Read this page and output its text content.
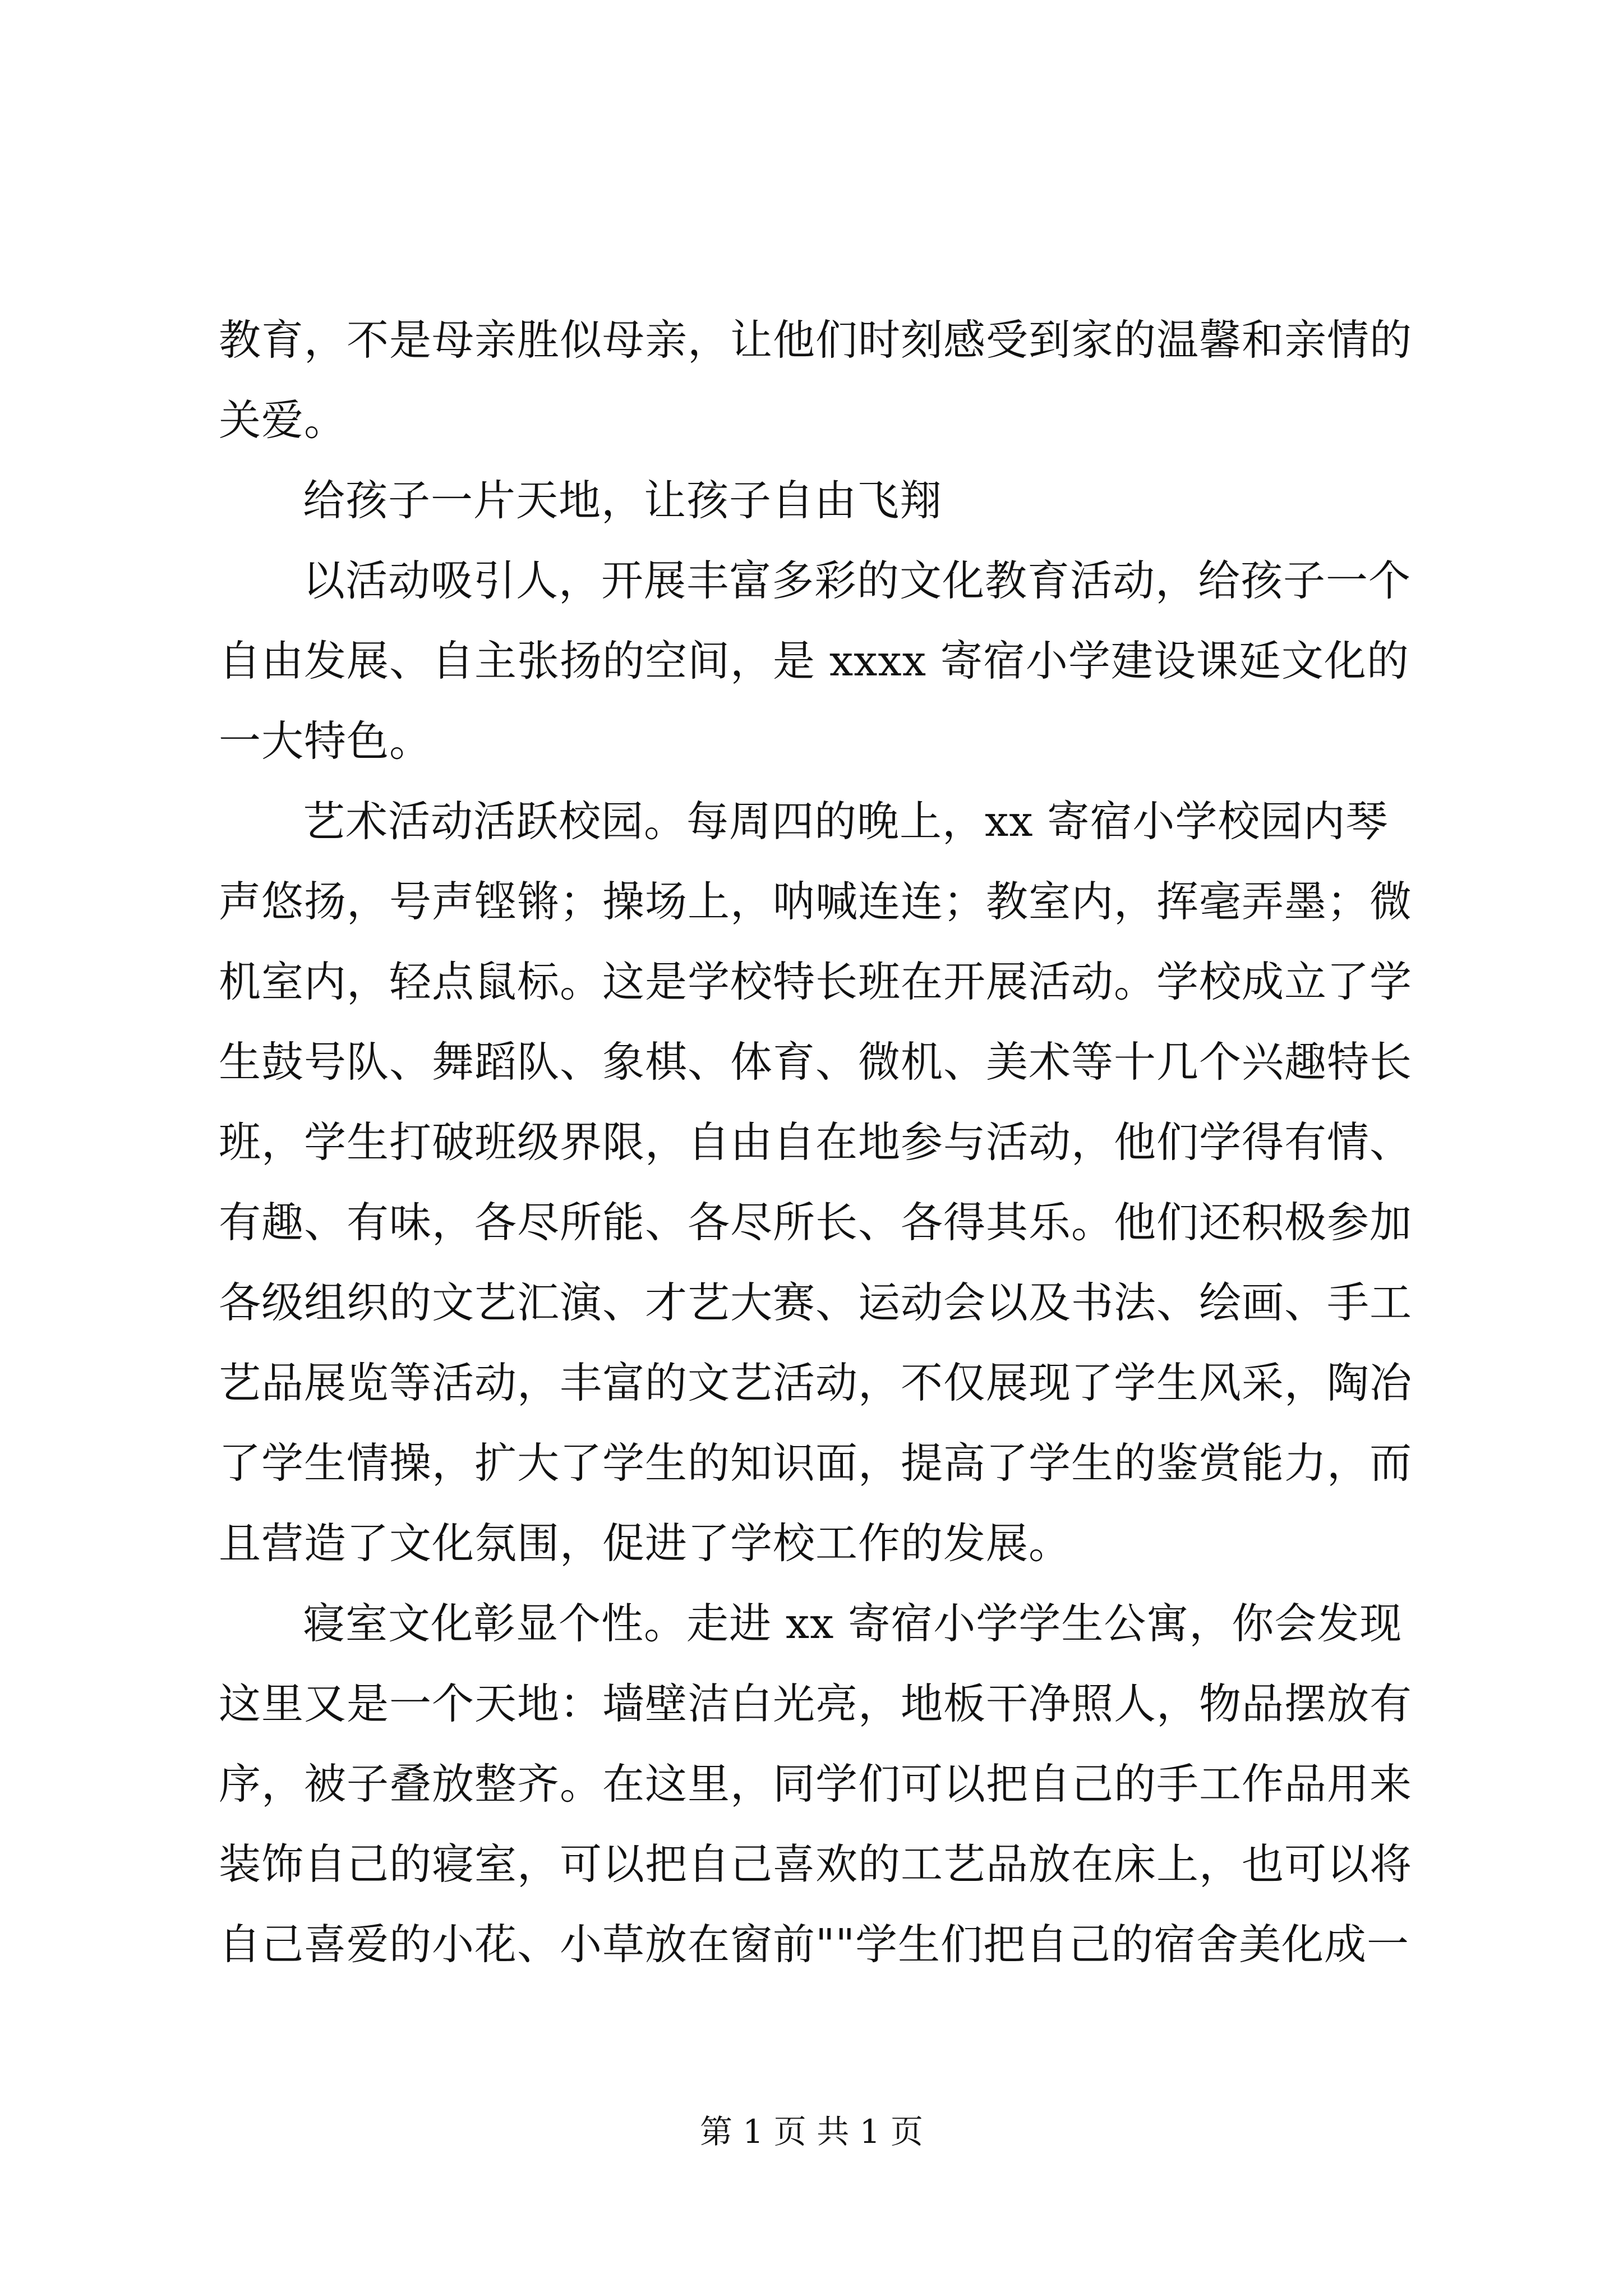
教育，不是母亲胜似母亲，让他们时刻感受到家的温馨和亲情的
关爱。
给孩子一片天地，让孩子自由飞翔
以活动吸引人，开展丰富多彩的文化教育活动，给孩子一个
自由发展、自主张扬的空间，是 xxxx 寄宿小学建设课延文化的
一大特色。
艺术活动活跃校园。每周四的晚上，xx 寄宿小学校园内琴
声悠扬，号声铿锵；操场上，呐喊连连；教室内，挥毫弄墨；微
机室内，轻点鼠标。这是学校特长班在开展活动。学校成立了学
生鼓号队、舞蹈队、象棋、体育、微机、美术等十几个兴趣特长
班，学生打破班级界限，自由自在地参与活动，他们学得有情、
有趣、有味，各尽所能、各尽所长、各得其乐。他们还积极参加
各级组织的文艺汇演、才艺大赛、运动会以及书法、绘画、手工
艺品展览等活动，丰富的文艺活动，不仅展现了学生风采，陶冶
了学生情操，扩大了学生的知识面，提高了学生的鉴赏能力，而
且营造了文化氛围，促进了学校工作的发展。
寝室文化彰显个性。走进 xx 寄宿小学学生公寓，你会发现
这里又是一个天地：墙壁洁白光亮，地板干净照人，物品摆放有
序，被子叠放整齐。在这里，同学们可以把自己的手工作品用来
装饰自己的寝室，可以把自己喜欢的工艺品放在床上，也可以将
自己喜爱的小花、小草放在窗前""学生们把自己的宿舍美化成一
第 1 页 共 1 页
